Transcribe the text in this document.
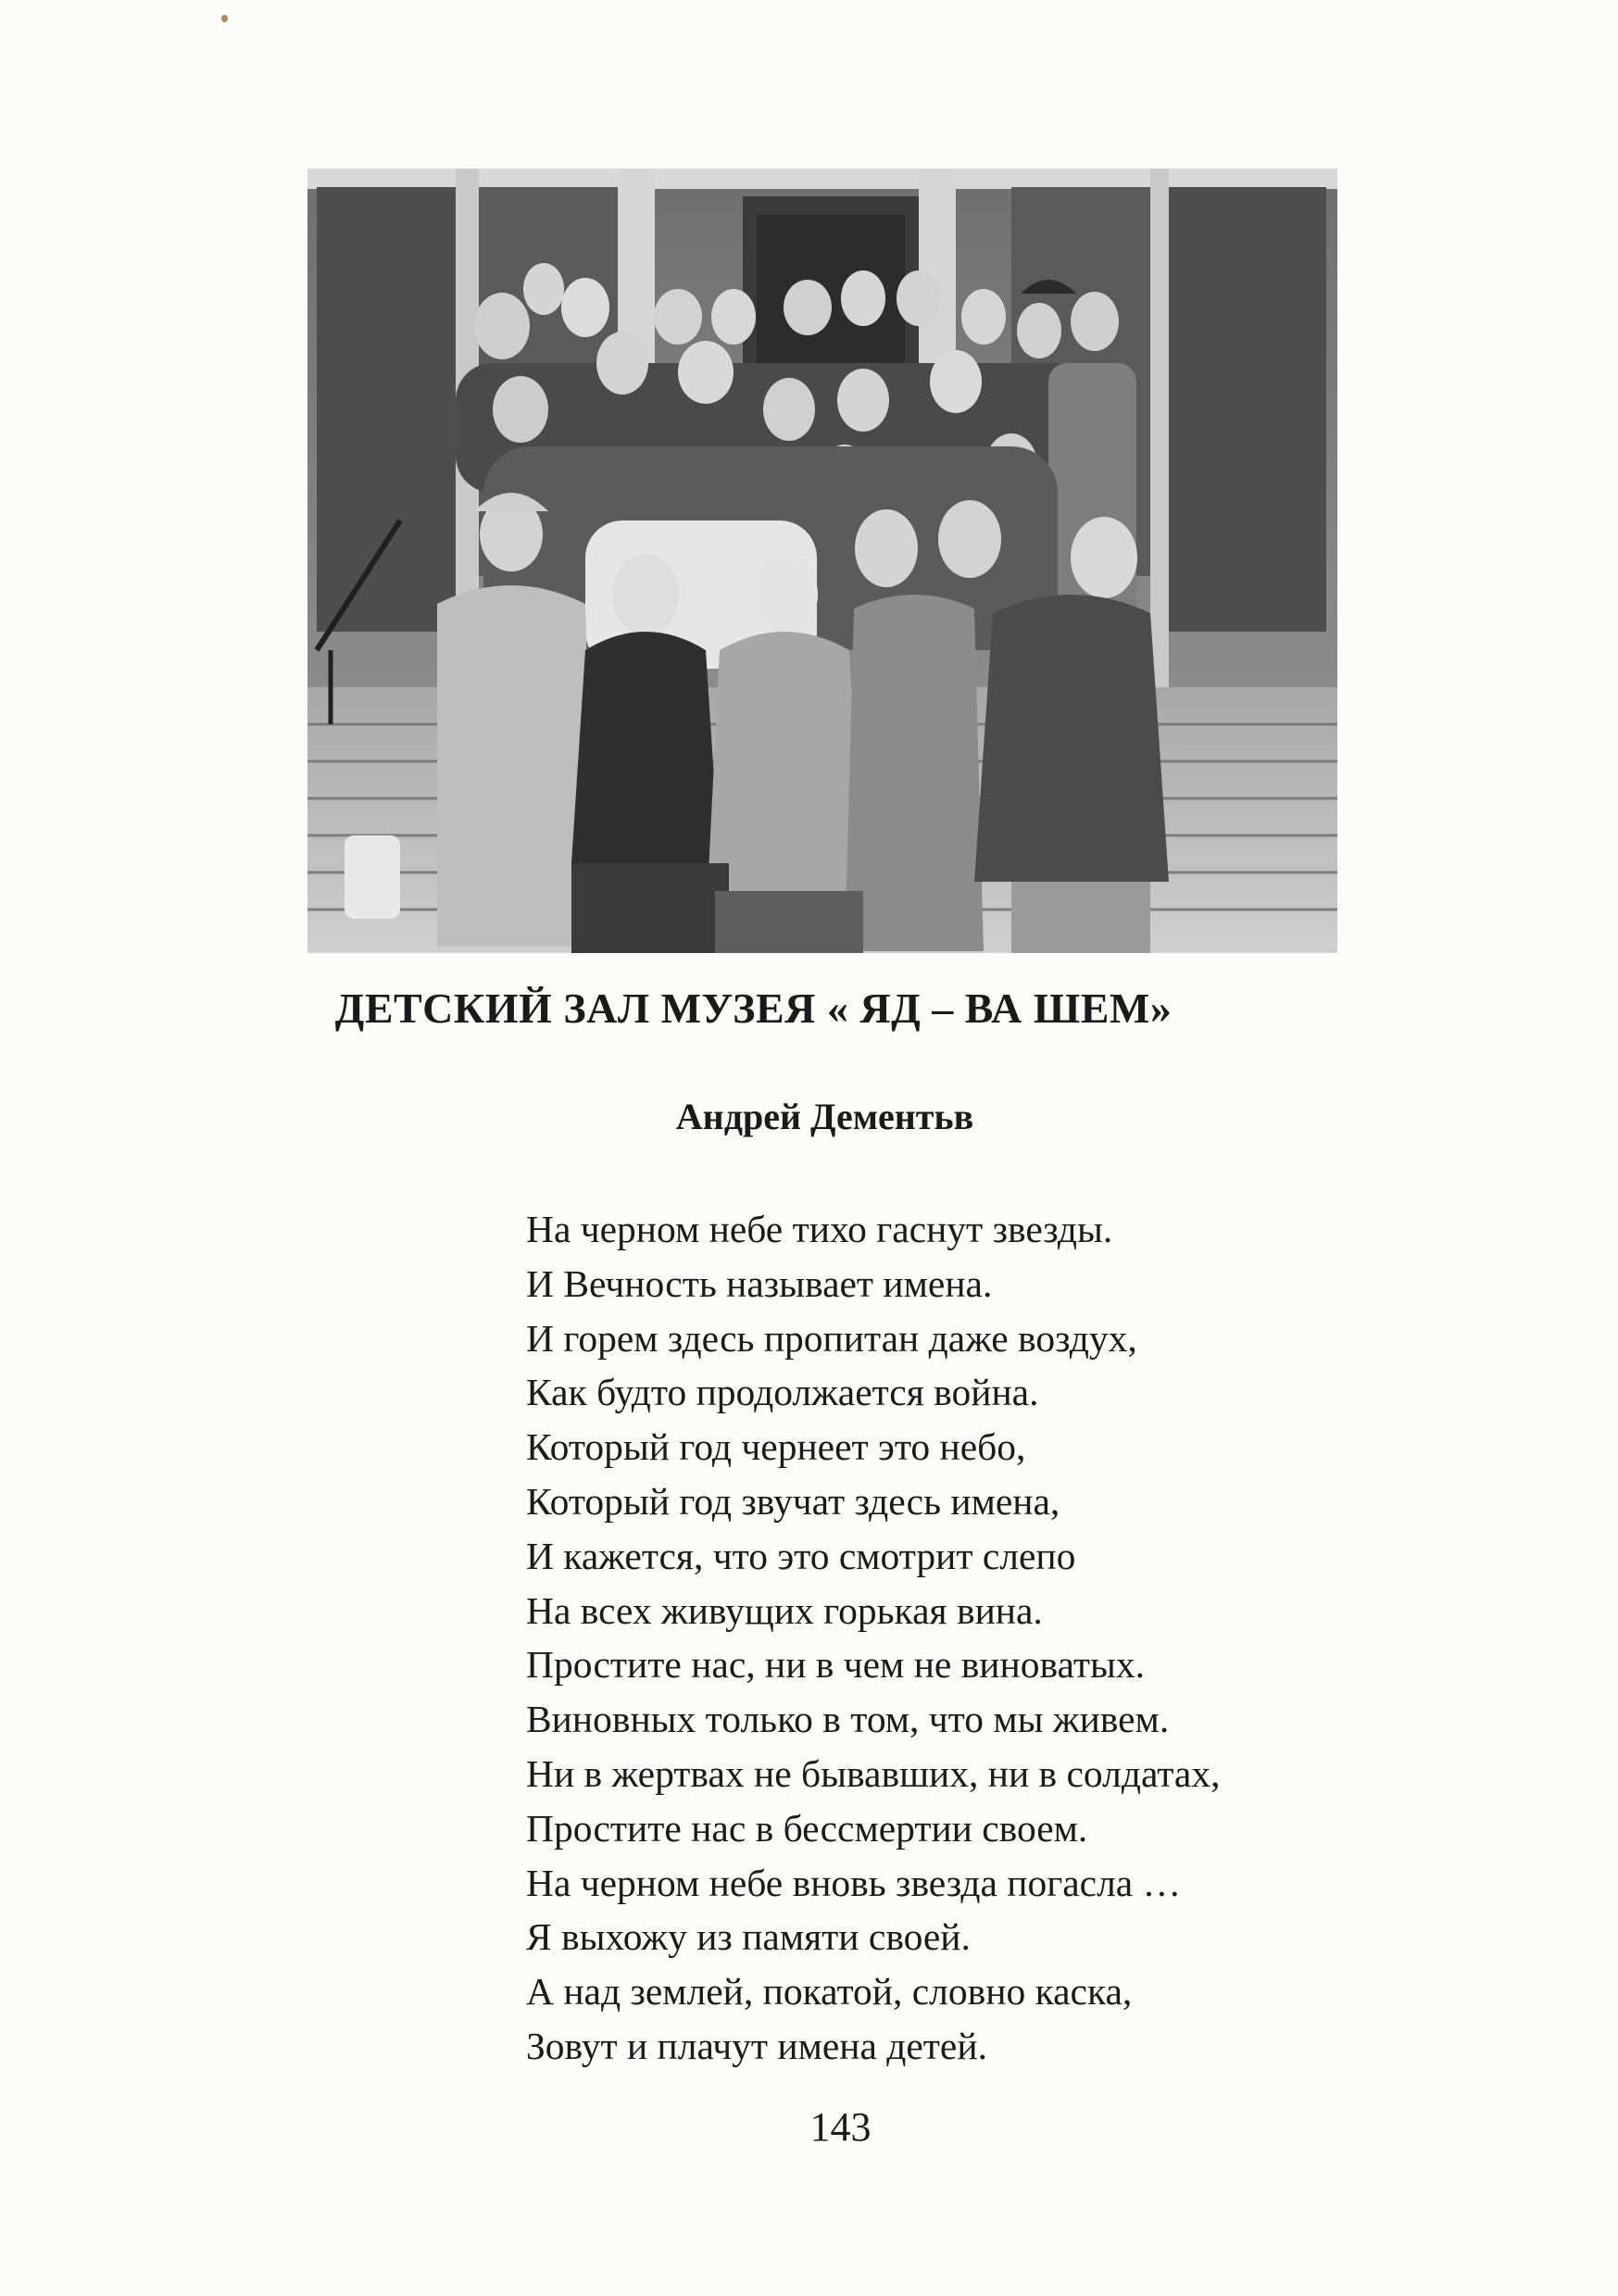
ДЕТСКИЙ ЗАЛ МУЗЕЯ « ЯД – ВА ШЕМ»
Андрей Дементьв
На черном небе тихо гаснут звезды.
И Вечность называет имена.
И горем здесь пропитан даже воздух,
Как будто продолжается война.
Который год чернеет это небо,
Который год звучат здесь имена,
И кажется, что это смотрит слепо
На всех живущих горькая вина.
Простите нас, ни в чем не виноватых.
Виновных только в том, что мы живем.
Ни в жертвах не бывавших, ни в солдатах,
Простите нас в бессмертии своем.
На черном небе вновь звезда погасла …
Я выхожу из памяти своей.
А над землей, покатой, словно каска,
Зовут и плачут имена детей.
143
